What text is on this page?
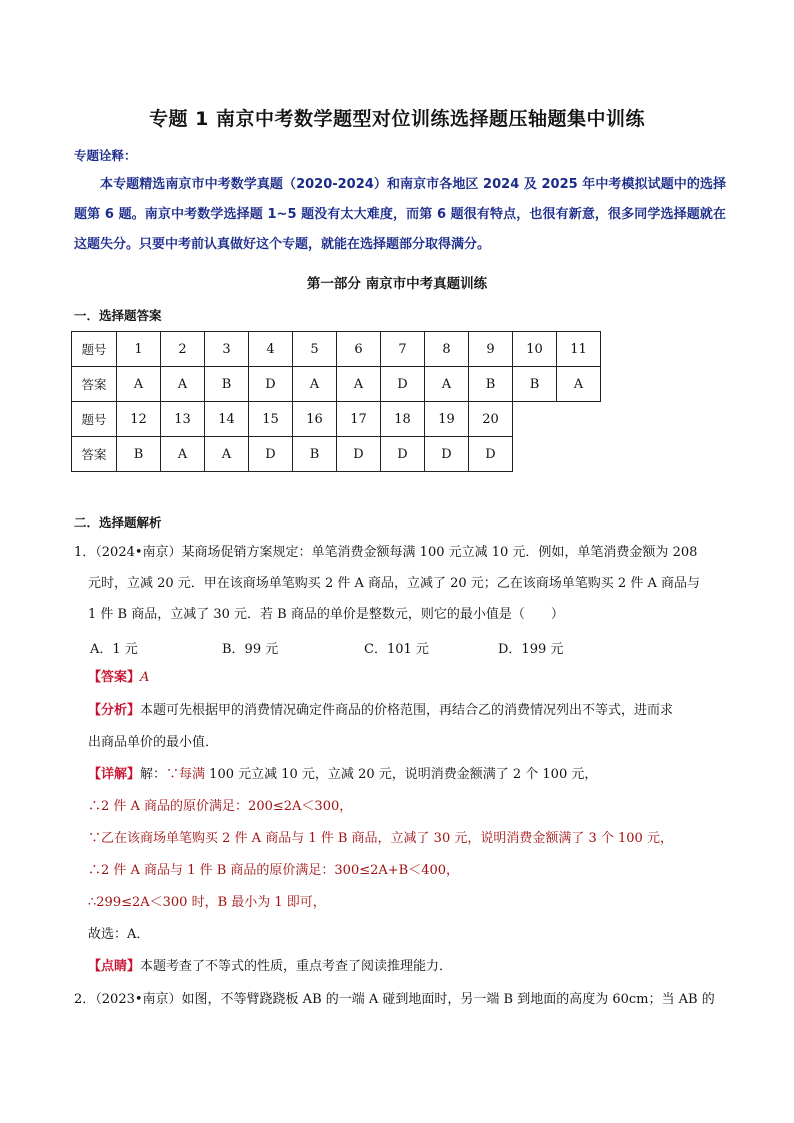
专题 1 南京中考数学题型对位训练选择题压轴题集中训练
专题诠释：
本专题精选南京市中考数学真题（2020-2024）和南京市各地区 2024 及 2025 年中考模拟试题中的选择题第 6 题。南京中考数学选择题 1~5 题没有太大难度，而第 6 题很有特点，也很有新意，很多同学选择题就在这题失分。只要中考前认真做好这个专题，就能在选择题部分取得满分。
第一部分 南京市中考真题训练
一．选择题答案
题号	1	2	3	4	5	6	7	8	9	10	11
答案	A	A	B	D	A	A	D	A	B	B	A
题号	12	13	14	15	16	17	18	19	20		
答案	B	A	A	D	B	D	D	D	D		
二．选择题解析
1．（2024•南京）某商场促销方案规定：单笔消费金额每满 100 元立减 10 元．例如，单笔消费金额为 208
元时，立减 20 元．甲在该商场单笔购买 2 件 A 商品，立减了 20 元；乙在该商场单笔购买 2 件 A 商品与
1 件 B 商品，立减了 30 元．若 B 商品的单价是整数元，则它的最小值是（　　）
A．1 元	B．99 元	C．101 元	D．199 元
【答案】A
【分析】本题可先根据甲的消费情况确定件商品的价格范围，再结合乙的消费情况列出不等式，进而求
出商品单价的最小值．
【详解】解：∵每满 100 元立减 10 元，立减 20 元，说明消费金额满了 2 个 100 元，
∴2 件 A 商品的原价满足：200≤2A＜300，
∵乙在该商场单笔购买 2 件 A 商品与 1 件 B 商品，立减了 30 元，说明消费金额满了 3 个 100 元，
∴2 件 A 商品与 1 件 B 商品的原价满足：300≤2A+B＜400，
∴299≤2A＜300 时，B 最小为 1 即可，
故选：A．
【点睛】本题考查了不等式的性质，重点考查了阅读推理能力．
2．（2023•南京）如图，不等臂跷跷板 AB 的一端 A 碰到地面时，另一端 B 到地面的高度为 60cm；当 AB 的
